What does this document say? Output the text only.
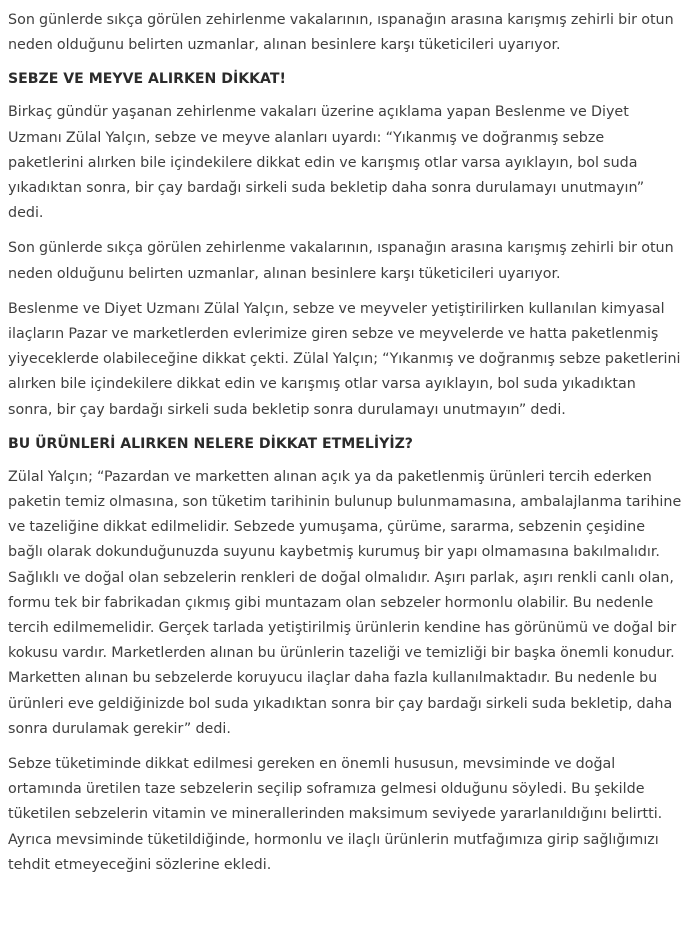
Son günlerde sıkça görülen zehirlenme vakalarının, ıspanağın arasına karışmış zehirli bir otun neden olduğunu belirten uzmanlar, alınan besinlere karşı tüketicileri uyarıyor.

SEBZE VE MEYVE ALIRKEN DİKKAT!

Birkaç gündür yaşanan zehirlenme vakaları üzerine açıklama yapan Beslenme ve Diyet Uzmanı Zülal Yalçın, sebze ve meyve alanları uyardı: “Yıkanmış ve doğranmış sebze paketlerini alırken bile içindekilere dikkat edin ve karışmış otlar varsa ayıklayın, bol suda yıkadıktan sonra, bir çay bardağı sirkeli suda bekletip daha sonra durulamayı unutmayın” dedi.

Son günlerde sıkça görülen zehirlenme vakalarının, ıspanağın arasına karışmış zehirli bir otun neden olduğunu belirten uzmanlar, alınan besinlere karşı tüketicileri uyarıyor.

Beslenme ve Diyet Uzmanı Zülal Yalçın, sebze ve meyveler yetiştirilirken kullanılan kimyasal ilaçların Pazar ve marketlerden evlerimize giren sebze ve meyvelerde ve hatta paketlenmiş yiyeceklerde olabileceğine dikkat çekti. Zülal Yalçın; “Yıkanmış ve doğranmış sebze paketlerini alırken bile içindekilere dikkat edin ve karışmış otlar varsa ayıklayın, bol suda yıkadıktan sonra, bir çay bardağı sirkeli suda bekletip sonra durulamayı unutmayın” dedi.

BU ÜRÜNLERİ ALIRKEN NELERE DİKKAT ETMELİYİZ?

Zülal Yalçın; “Pazardan ve marketten alınan açık ya da paketlenmiş ürünleri tercih ederken paketin temiz olmasına, son tüketim tarihinin bulunup bulunmamasına, ambalajlanma tarihine ve tazeliğine dikkat edilmelidir. Sebzede yumuşama, çürüme, sararma, sebzenin çeşidine bağlı olarak dokunduğunuzda suyunu kaybetmiş kurumuş bir yapı olmamasına bakılmalıdır. Sağlıklı ve doğal olan sebzelerin renkleri de doğal olmalıdır. Aşırı parlak, aşırı renkli canlı olan, formu tek bir fabrikadan çıkmış gibi muntazam olan sebzeler hormonlu olabilir. Bu nedenle tercih edilmemelidir. Gerçek tarlada yetiştirilmiş ürünlerin kendine has görünümü ve doğal bir kokusu vardır. Marketlerden alınan bu ürünlerin tazeliği ve temizliği bir başka önemli konudur. Marketten alınan bu sebzelerde koruyucu ilaçlar daha fazla kullanılmaktadır. Bu nedenle bu ürünleri eve geldiğinizde bol suda yıkadıktan sonra bir çay bardağı sirkeli suda bekletip, daha sonra durulamak gerekir” dedi.

Sebze tüketiminde dikkat edilmesi gereken en önemli hususun, mevsiminde ve doğal ortamında üretilen taze sebzelerin seçilip soframıza gelmesi olduğunu söyledi. Bu şekilde tüketilen sebzelerin vitamin ve minerallerinden maksimum seviyede yararlanıldığını belirtti. Ayrıca mevsiminde tüketildiğinde, hormonlu ve ilaçlı ürünlerin mutfağımıza girip sağlığımızı tehdit etmeyeceğini sözlerine ekledi.
